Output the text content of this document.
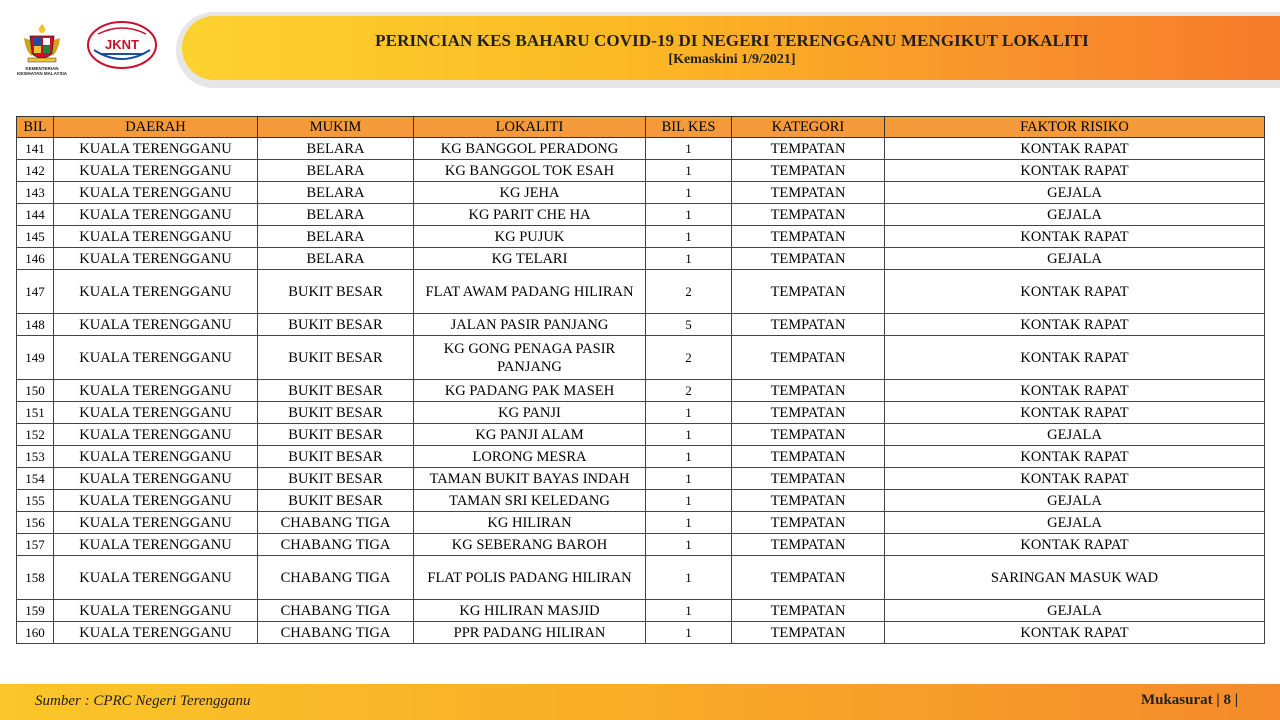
KEMENTERIAN KESIHATAN MALAYSIA
JKNT	PERINCIAN KES BAHARU COVID-19 DI NEGERI TERENGGANU MENGIKUT LOKALITI
[Kemaskini 1/9/2021]
BIL	DAERAH	MUKIM	LOKALITI	BIL KES	KATEGORI	FAKTOR RISIKO
141	KUALA TERENGGANU	BELARA	KG BANGGOL PERADONG	1	TEMPATAN	KONTAK RAPAT
142	KUALA TERENGGANU	BELARA	KG BANGGOL TOK ESAH	1	TEMPATAN	KONTAK RAPAT
143	KUALA TERENGGANU	BELARA	KG JEHA	1	TEMPATAN	GEJALA
144	KUALA TERENGGANU	BELARA	KG PARIT CHE HA	1	TEMPATAN	GEJALA
145	KUALA TERENGGANU	BELARA	KG PUJUK	1	TEMPATAN	KONTAK RAPAT
146	KUALA TERENGGANU	BELARA	KG TELARI	1	TEMPATAN	GEJALA
147	KUALA TERENGGANU	BUKIT BESAR	FLAT AWAM PADANG HILIRAN	2	TEMPATAN	KONTAK RAPAT
148	KUALA TERENGGANU	BUKIT BESAR	JALAN PASIR PANJANG	5	TEMPATAN	KONTAK RAPAT
149	KUALA TERENGGANU	BUKIT BESAR	KG GONG PENAGA PASIR PANJANG	2	TEMPATAN	KONTAK RAPAT
150	KUALA TERENGGANU	BUKIT BESAR	KG PADANG PAK MASEH	2	TEMPATAN	KONTAK RAPAT
151	KUALA TERENGGANU	BUKIT BESAR	KG PANJI	1	TEMPATAN	KONTAK RAPAT
152	KUALA TERENGGANU	BUKIT BESAR	KG PANJI ALAM	1	TEMPATAN	GEJALA
153	KUALA TERENGGANU	BUKIT BESAR	LORONG MESRA	1	TEMPATAN	KONTAK RAPAT
154	KUALA TERENGGANU	BUKIT BESAR	TAMAN BUKIT BAYAS INDAH	1	TEMPATAN	KONTAK RAPAT
155	KUALA TERENGGANU	BUKIT BESAR	TAMAN SRI KELEDANG	1	TEMPATAN	GEJALA
156	KUALA TERENGGANU	CHABANG TIGA	KG HILIRAN	1	TEMPATAN	GEJALA
157	KUALA TERENGGANU	CHABANG TIGA	KG SEBERANG BAROH	1	TEMPATAN	KONTAK RAPAT
158	KUALA TERENGGANU	CHABANG TIGA	FLAT POLIS PADANG HILIRAN	1	TEMPATAN	SARINGAN MASUK WAD
159	KUALA TERENGGANU	CHABANG TIGA	KG HILIRAN MASJID	1	TEMPATAN	GEJALA
160	KUALA TERENGGANU	CHABANG TIGA	PPR PADANG HILIRAN	1	TEMPATAN	KONTAK RAPAT
Sumber : CPRC Negeri Terengganu	Mukasurat | 8 |
